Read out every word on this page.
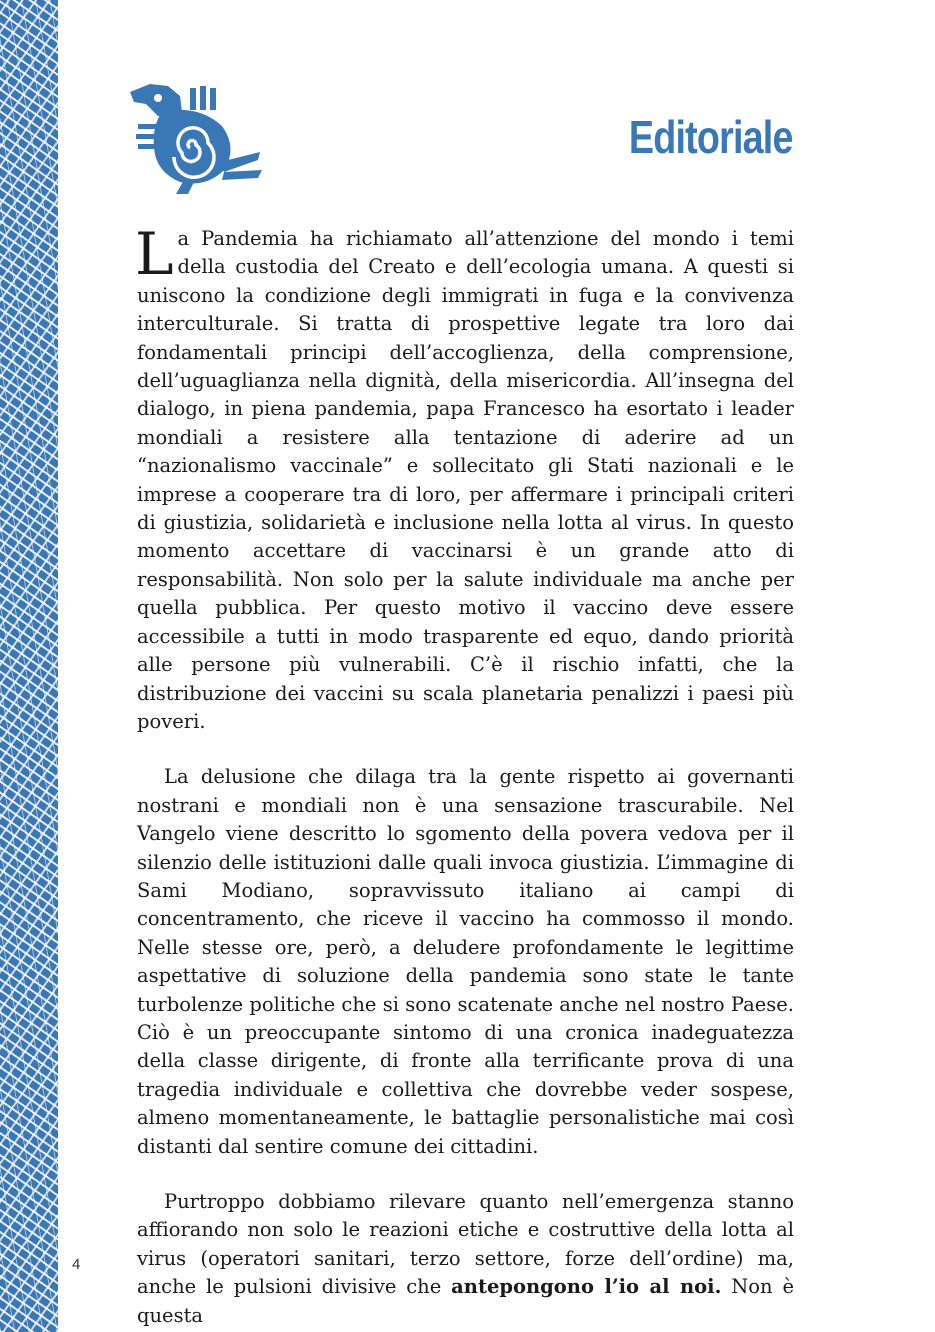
Editoriale

La Pandemia ha richiamato all’attenzione del mondo i temi della custodia del Creato e dell’ecologia umana. A questi si uniscono la condizione degli immigrati in fuga e la convivenza interculturale. Si tratta di prospettive legate tra loro dai fondamentali principi dell’accoglienza, della comprensione, dell’uguaglianza nella dignità, della misericordia. All’insegna del dialogo, in piena pandemia, papa Francesco ha esortato i leader mondiali a resistere alla tentazione di aderire ad un “nazionalismo vaccinale” e sollecitato gli Stati nazionali e le imprese a cooperare tra di loro, per affermare i principali criteri di giustizia, solidarietà e inclusione nella lotta al virus. In questo momento accettare di vaccinarsi è un grande atto di responsabilità. Non solo per la salute individuale ma anche per quella pubblica. Per questo motivo il vaccino deve essere accessibile a tutti in modo trasparente ed equo, dando priorità alle persone più vulnerabili. C’è il rischio infatti, che la distribuzione dei vaccini su scala planetaria penalizzi i paesi più poveri.

La delusione che dilaga tra la gente rispetto ai governanti nostrani e mondiali non è una sensazione trascurabile. Nel Vangelo viene descritto lo sgomento della povera vedova per il silenzio delle istituzioni dalle quali invoca giustizia. L’immagine di Sami Modiano, sopravvissuto italiano ai campi di concentramento, che riceve il vaccino ha commosso il mondo. Nelle stesse ore, però, a deludere profondamente le legittime aspettative di soluzione della pandemia sono state le tante turbolenze politiche che si sono scatenate anche nel nostro Paese. Ciò è un preoccupante sintomo di una cronica inadeguatezza della classe dirigente, di fronte alla terrificante prova di una tragedia individuale e collettiva che dovrebbe veder sospese, almeno momentaneamente, le battaglie personalistiche mai così distanti dal sentire comune dei cittadini.

Purtroppo dobbiamo rilevare quanto nell’emergenza stanno affiorando non solo le reazioni etiche e costruttive della lotta al virus (operatori sanitari, terzo settore, forze dell’ordine) ma, anche le pulsioni divisive che antepongono l’io al noi. Non è questa

4
